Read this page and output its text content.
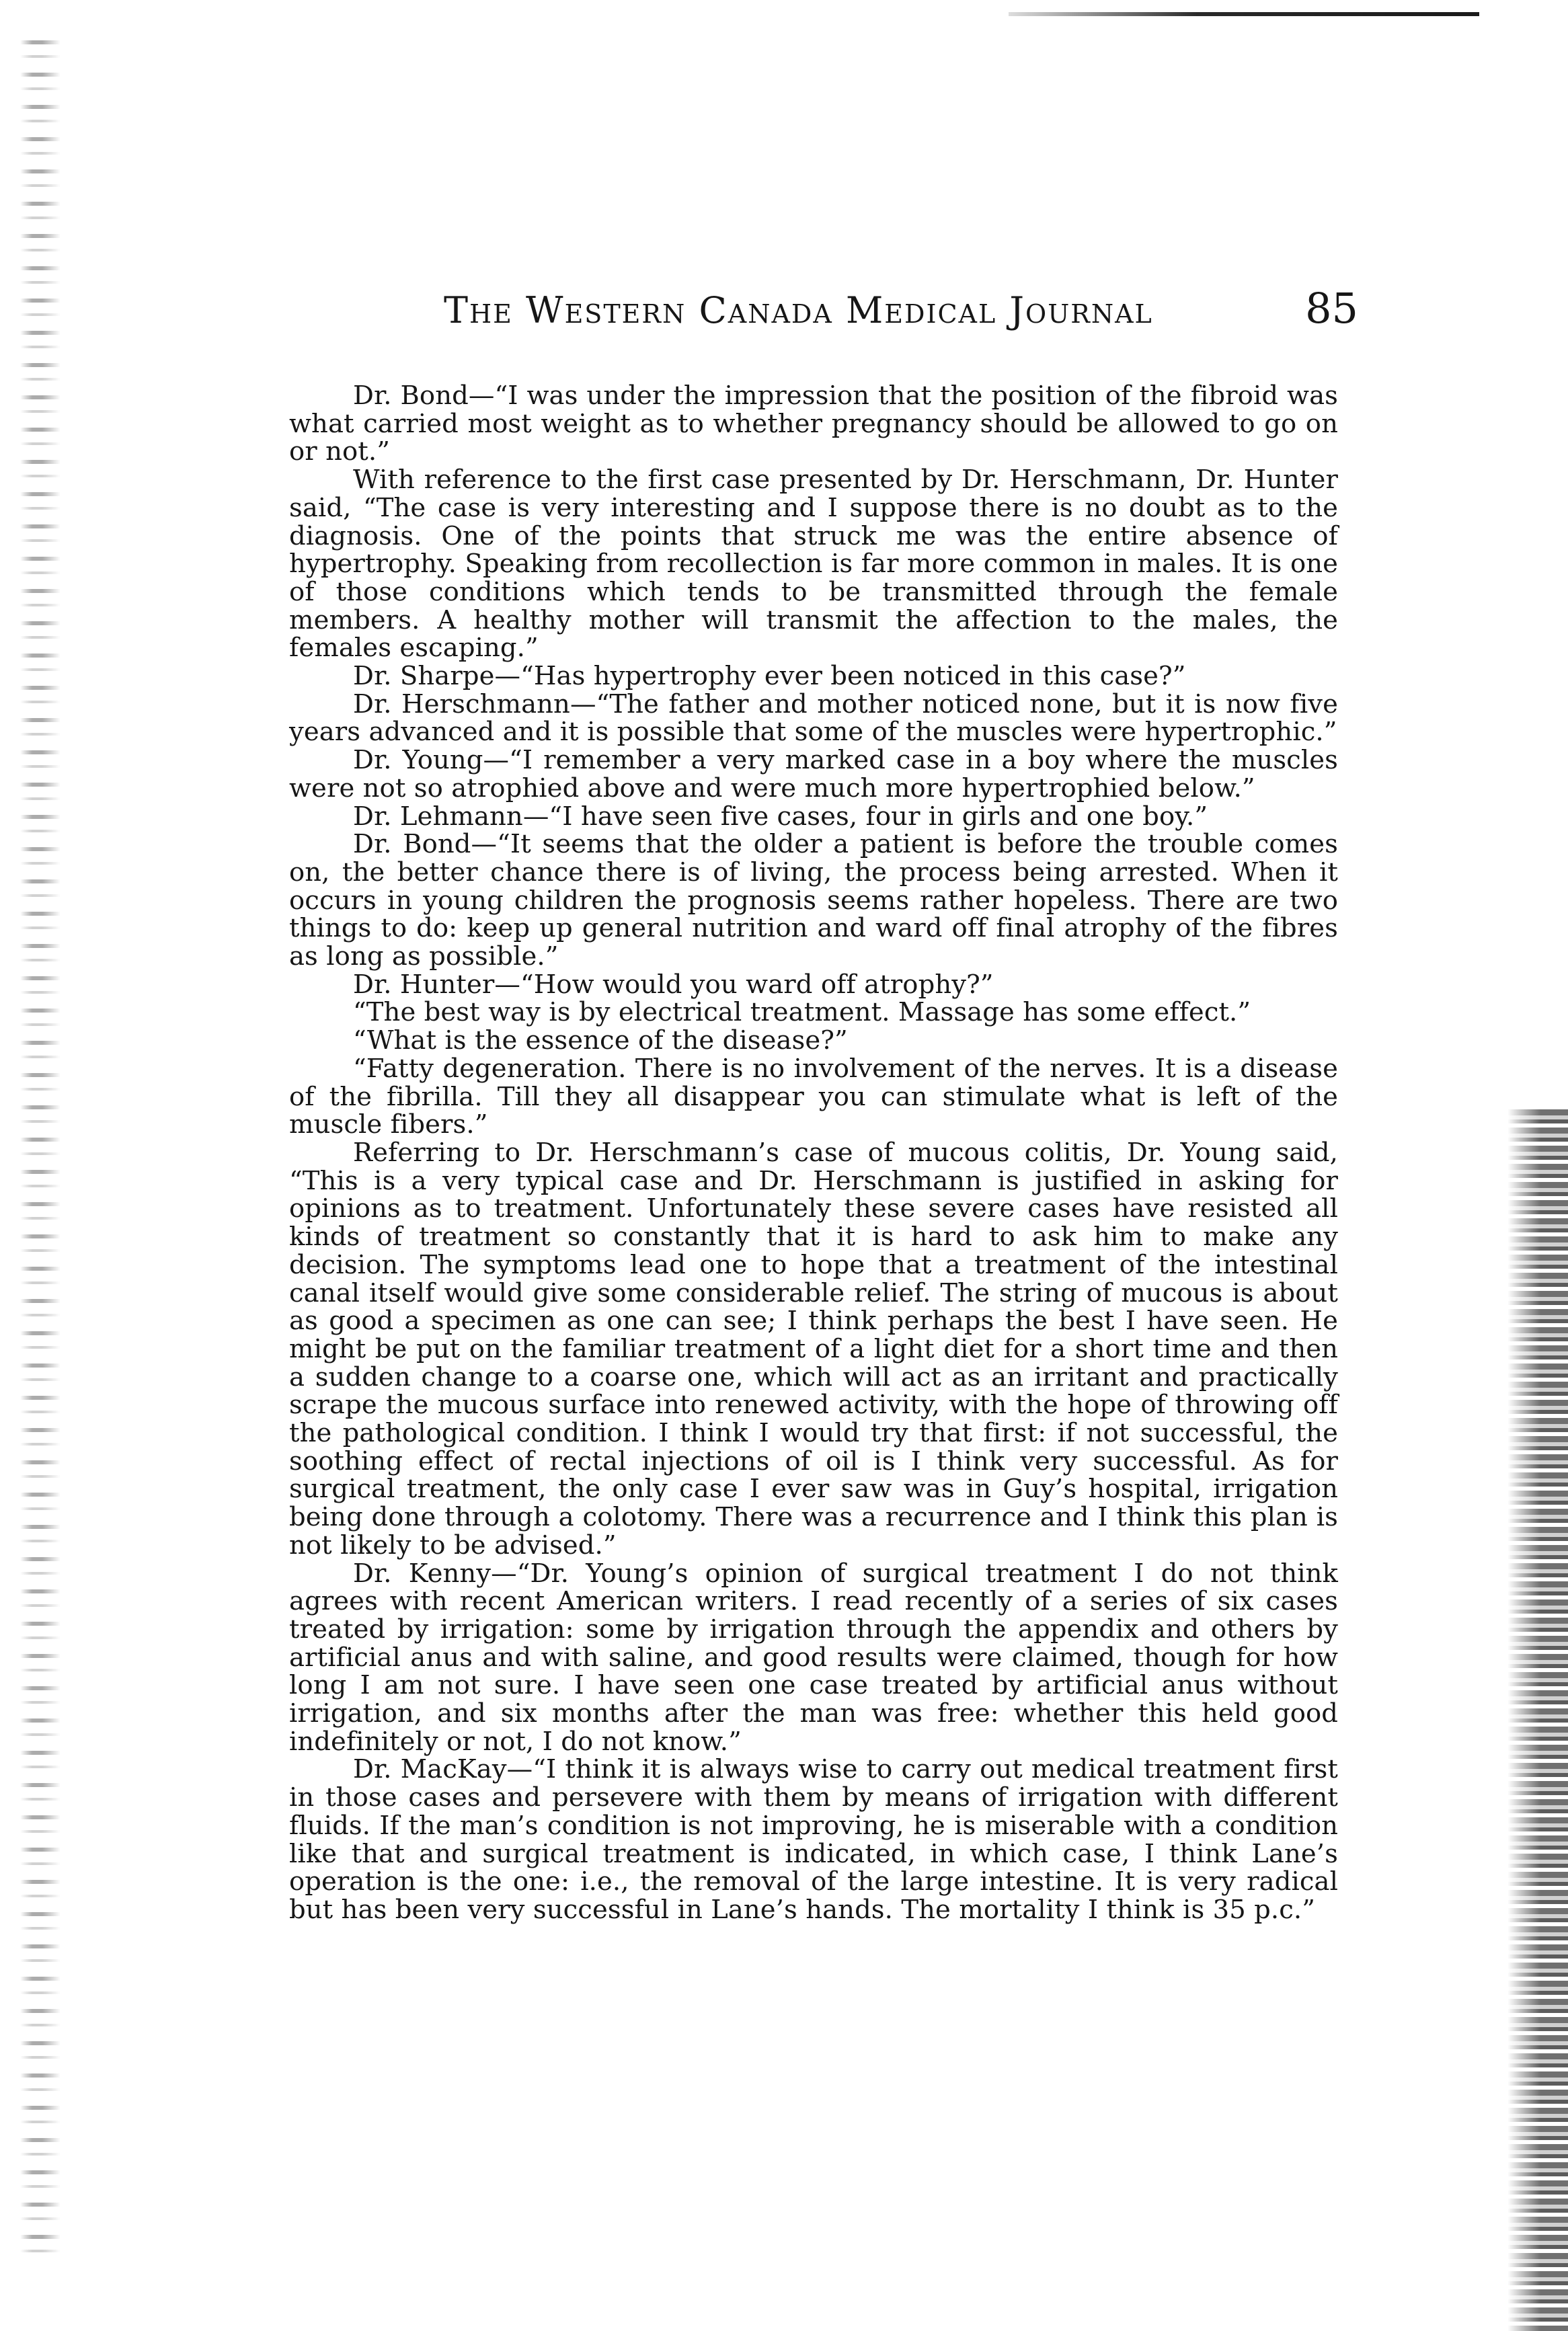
The Western Canada Medical Journal	85

Dr. Bond—“I was under the impression that the position of the fibroid was what carried most weight as to whether pregnancy should be allowed to go on or not.”

With reference to the first case presented by Dr. Herschmann, Dr. Hunter said, “The case is very interesting and I suppose there is no doubt as to the diagnosis. One of the points that struck me was the entire absence of hypertrophy. Speaking from recollection is far more common in males. It is one of those conditions which tends to be transmitted through the female members. A healthy mother will transmit the affection to the males, the females escaping.”

Dr. Sharpe—“Has hypertrophy ever been noticed in this case?”

Dr. Herschmann—“The father and mother noticed none, but it is now five years advanced and it is possible that some of the muscles were hypertrophic.”

Dr. Young—“I remember a very marked case in a boy where the muscles were not so atrophied above and were much more hypertrophied below.”

Dr. Lehmann—“I have seen five cases, four in girls and one boy.”

Dr. Bond—“It seems that the older a patient is before the trouble comes on, the better chance there is of living, the process being arrested. When it occurs in young children the prognosis seems rather hopeless. There are two things to do: keep up general nutrition and ward off final atrophy of the fibres as long as possible.”

Dr. Hunter—“How would you ward off atrophy?”

“The best way is by electrical treatment. Massage has some effect.”

“What is the essence of the disease?”

“Fatty degeneration. There is no involvement of the nerves. It is a disease of the fibrilla. Till they all disappear you can stimulate what is left of the muscle fibers.”

Referring to Dr. Herschmann’s case of mucous colitis, Dr. Young said, “This is a very typical case and Dr. Herschmann is justified in asking for opinions as to treatment. Unfortunately these severe cases have resisted all kinds of treatment so constantly that it is hard to ask him to make any decision. The symptoms lead one to hope that a treatment of the intestinal canal itself would give some considerable relief. The string of mucous is about as good a specimen as one can see; I think perhaps the best I have seen. He might be put on the familiar treatment of a light diet for a short time and then a sudden change to a coarse one, which will act as an irritant and practically scrape the mucous surface into renewed activity, with the hope of throwing off the pathological condition. I think I would try that first: if not successful, the soothing effect of rectal injections of oil is I think very successful. As for surgical treatment, the only case I ever saw was in Guy’s hospital, irrigation being done through a colotomy. There was a recurrence and I think this plan is not likely to be advised.”

Dr. Kenny—“Dr. Young’s opinion of surgical treatment I do not think agrees with recent American writers. I read recently of a series of six cases treated by irrigation: some by irrigation through the appendix and others by artificial anus and with saline, and good results were claimed, though for how long I am not sure. I have seen one case treated by artificial anus without irrigation, and six months after the man was free: whether this held good indefinitely or not, I do not know.”

Dr. MacKay—“I think it is always wise to carry out medical treatment first in those cases and persevere with them by means of irrigation with different fluids. If the man’s condition is not improving, he is miserable with a condition like that and surgical treatment is indicated, in which case, I think Lane’s operation is the one: i.e., the removal of the large intestine. It is very radical but has been very successful in Lane’s hands. The mortality I think is 35 p.c.”
